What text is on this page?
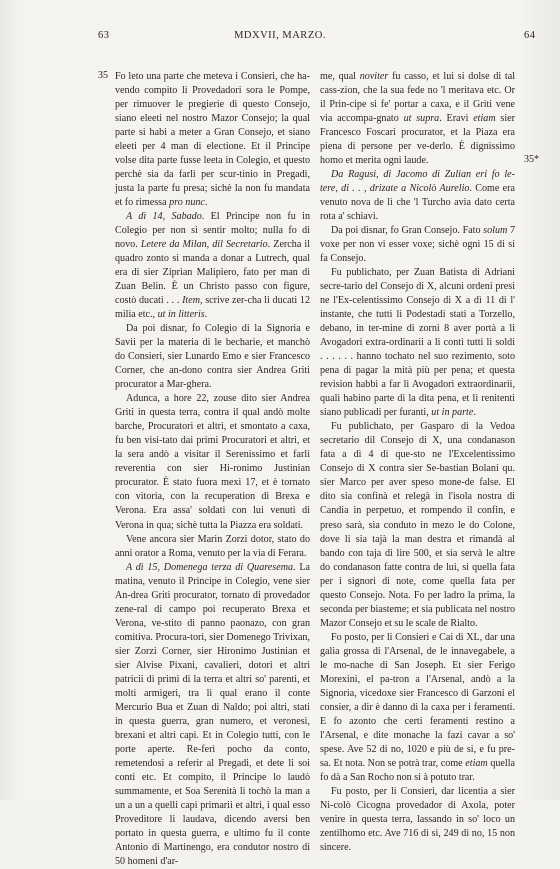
63	MDXVII, MARZO.	64
35
35*

Fo leto una parte che meteva i Consieri, che ha-vendo compito li Provedadori sora le Pompe, per rimuover le pregierie di questo Consejo, siano eleeti nel nostro Mazor Consejo; la qual parte si habi a meter a Gran Consejo, et siano eleeti per 4 man di electione. Et il Principe volse dita parte fusse leeta in Colegio, et questo perchè sia da farli per scur-tinio in Pregadi, justa la parte fu presa; sichè la non fu mandata et fo rimessa pro nunc.

A dì 14, Sabado. El Principe non fu in Colegio per non si sentir molto; nulla fo di novo. Letere da Milan, dil Secretario. Zercha il quadro zonto si manda a donar a Lutrech, qual era di sier Ziprian Malipiero, fato per man di Zuan Belin. È un Christo passo con figure, costò ducati . . . Item, scrive zer-cha li ducati 12 milia etc., ut in litteris.

Da poi disnar, fo Colegio di la Signoria e Savii per la materia di le becharie, et manchò do Consieri, sier Lunardo Emo e sier Francesco Corner, che an-dono contra sier Andrea Griti procurator a Mar-ghera.

Adunca, a hore 22, zouse dito sier Andrea Griti in questa terra, contra il qual andò molte barche, Procuratori et altri, et smontato a caxa, fu ben visi-tato dai primi Procuratori et altri, et la sera andò a visitar il Serenissimo et farli reverentia con sier Hi-ronimo Justinian procurator. È stato fuora mexi 17, et è tornato con vitoria, con la recuperation di Brexa e Verona. Era assa' soldati con lui venuti di Verona in qua; sichè tutta la Piazza era soldati.

Vene ancora sier Marin Zorzi dotor, stato do anni orator a Roma, venuto per la via di Ferara.

A dì 15, Domenega terza di Quaresema. La matina, venuto il Principe in Colegio, vene sier An-drea Griti procurator, tornato di provedador zene-ral di campo poi recuperato Brexa et Verona, ve-stito di panno paonazo, con gran comitiva. Procura-tori, sier Domenego Trivixan, sier Zorzi Corner, sier Hironimo Justinian et sier Alvise Pixani, cavalieri, dotori et altri patricii di primi di la terra et altri so' parenti, et molti armigeri, tra li qual erano il conte Mercurio Bua et Zuan di Naldo; poi altri, stati in questa guerra, gran numero, et veronesi, brexani et altri capi. Et in Colegio tutti, con le porte aperte. Re-ferì pocho da conto, remetendosi a referir al Pregadi, et dete li soi conti etc. Et compito, il Principe lo laudò summamente, et Soa Serenità li tochò la man a un a un a quelli capi primarii et altri, i qual esso Proveditore li laudava, dicendo aversi ben portato in questa guerra, e ultimo fu il conte Antonio di Martinengo, era condutor nostro di 50 homeni d'ar-

me, qual noviter fu casso, et lui si dolse di tal cass-zion, che la sua fede no 'l meritava etc. Or il Prin-cipe si fe' portar a caxa, e il Griti vene via accompa-gnato ut supra. Eravi etiam sier Francesco Foscari procurator, et la Piaza era piena di persone per ve-derlo. È dignissimo homo et merita ogni laude.

Da Ragusi, di Jacomo di Zulian eri fo le-tere, di . . , drizate a Nicolò Aurelio. Come era venuto nova de lì che 'l Turcho avia dato certa rota a' schiavi.

Da poi disnar, fo Gran Consejo. Fato solum 7 voxe per non vi esser voxe; sichè ogni 15 di si fa Consejo.

Fu publichato, per Zuan Batista di Adriani secre-tario del Consejo di X, alcuni ordeni presi ne l'Ex-celentissimo Consejo di X a dì 11 di l' instante, che tutti li Podestadi stati a Torzello, debano, in ter-mine di zorni 8 aver portà a li Avogadori extra-ordinarii a li conti tutti li soldi . . . . . . hanno tochato nel suo rezimento, soto pena di pagar la mità più per pena; et questa revision habbi a far li Avogadori extraordinarii, quali habino parte di la dita pena, et li renitenti siano publicadi per furanti, ut in parte.

Fu publichato, per Gasparo di la Vedoa secretario dil Consejo di X, una condanason fata a dì 4 di que-sto ne l'Excelentissimo Consejo di X contra sier Se-bastian Bolani qu. sier Marco per aver speso mone-de false. El dito sia confinà et relegà in l'isola nostra di Candia in perpetuo, et rompendo il confin, e preso sarà, sia conduto in mezo le do Colone, dove li sia tajà la man destra et rimandà al bando con taja di lire 500, et sia servà le altre do condanason fatte contra de lui, si quella fata per i signori di note, come quella fata per questo Consejo. Nota. Fo per ladro la prima, la seconda per biasteme; et sia publicata nel nostro Mazor Consejo et su le scale de Rialto.

Fo posto, per li Consieri e Cai di XL, dar una galia grossa di l'Arsenal, de le innavegabele, a le mo-nache di San Joseph. Et sier Ferigo Morexini, el pa-tron a l'Arsenal, andò a la Signoria, vicedoxe sier Francesco di Garzoni el consier, a dir è danno di la caxa per i feramenti. E fo azonto che certi feramenti restino a l'Arsenal, e dite monache la fazi cavar a so' spese. Ave 52 di no, 1020 e più de si, e fu pre-sa. Et nota. Non se potrà trar, come etiam quella fo dà a San Rocho non si à potuto trar.

Fu posto, per li Consieri, dar licentia a sier Ni-colò Cicogna provedador di Axola, poter venire in questa terra, lassando in so' loco un zentilhomo etc. Ave 716 di si, 249 di no, 15 non sincere.
